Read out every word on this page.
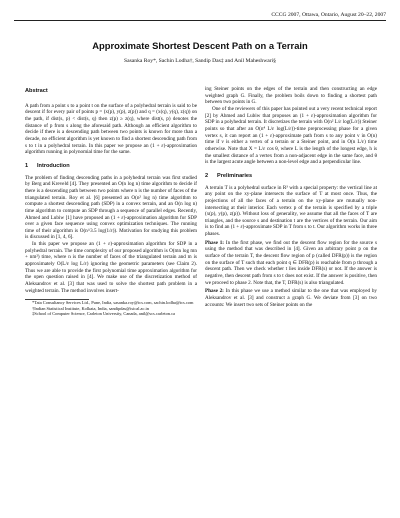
CCCG 2007, Ottawa, Ontario, August 20–22, 2007
Approximate Shortest Descent Path on a Terrain
Sasanka Roy*, Sachin Lodha†, Sandip Das‡ and Anil Maheshwari§
Abstract

A path from a point s to a point t on the surface of a polyhedral terrain is said to be descent if for every pair of points p = (x(p), y(p), z(p)) and q = (x(q), y(q), z(q)) on the path, if dist(s, p) < dist(s, q) then z(p) ≥ z(q), where dist(s, p) denotes the distance of p from s along the aforesaid path. Although an efficient algorithm to decide if there is a descending path between two points is known for more than a decade, no efficient algorithm is yet known to find a shortest descending path from s to t in a polyhedral terrain. In this paper we propose an (1 + ε)-approximation algorithm running in polynomial time for the same.

1 Introduction

The problem of finding descending paths in a polyhedral terrain was first studied by Berg and Kreveld [4]. They presented an O(n log n) time algorithm to decide if there is a descending path between two points where n is the number of faces of the triangulated terrain. Roy et al. [6] presented an O(n² log n) time algorithm to compute a shortest descending path (SDP) in a convex terrain, and an O(n log n) time algorithm to compute an SDP through a sequence of parallel edges. Recently, Ahmed and Lubiw [1] have proposed an (1 + ε)-approximation algorithm for SDP over a given face sequence using convex optimization techniques. The running time of their algorithm is O(n^3.5 log(1/ε)). Motivation for studying this problem is discussed in [1, 4, 6].

In this paper we propose an (1 + ε)-approximation algorithm for SDP in a polyhedral terrain. The time complexity of our proposed algorithm is O(mn log mn + nm²) time, where n is the number of faces of the triangulated terrain and m is approximately O(L/ε log L/ε) ignoring the geometric parameters (see Claim 2). Thus we are able to provide the first polynomial time approximation algorithm for the open question raised in [4]. We make use of the discretization method of Aleksandrov et al. [3] that was used to solve the shortest path problem in a weighted terrain. The method involves insert-

*Tata Consultancy Services Ltd., Pune, India, sasanka.roy@tcs.com, sachin.lodha@tcs.com

†Indian Statistical Institute, Kolkata, India, sandipdas@isical.ac.in

‡School of Computer Science, Carleton University, Canada, anil@scs.carleton.ca

ing Steiner points on the edges of the terrain and then constructing an edge weighted graph G. Finally, the problem boils down to finding a shortest path between two points in G.

One of the reviewers of this paper has pointed out a very recent technical report [2] by Ahmed and Lubiw that proposes an (1 + ε)-approximation algorithm for SDP in a polyhedral terrain. It discretizes the terrain with O(n² L/ε log(L/ε)) Steiner points so that after an O(n⁴ L/ε log(L/ε))-time preprocessing phase for a given vertex s, it can report an (1 + ε)-approximate path from s to any point v in O(n) time if v is either a vertex of a terrain or a Steiner point, and in O(n L/ε) time otherwise. Note that X = L/ε cos θ, where L is the length of the longest edge, h is the smallest distance of a vertex from a non-adjacent edge in the same face, and θ is the largest acute angle between a non-level edge and a perpendicular line.

2 Preliminaries

A terrain T is a polyhedral surface in R³ with a special property: the vertical line at any point on the xy-plane intersects the surface of T at most once. Thus, the projections of all the faces of a terrain on the xy-plane are mutually non-intersecting at their interior. Each vertex p of the terrain is specified by a triple (x(p), y(p), z(p)). Without loss of generality, we assume that all the faces of T are triangles, and the source s and destination t are the vertices of the terrain. Our aim is to find an (1 + ε)-approximate SDP in T from s to t. Our algorithm works in three phases.

Phase 1: In the first phase, we find out the descent flow region for the source s using the method that was described in [4]. Given an arbitrary point p on the surface of the terrain T, the descent flow region of p (called DFR(p)) is the region on the surface of T such that each point q ∈ DFR(p) is reachable from p through a descent path. Then we check whether t lies inside DFR(s) or not. If the answer is negative, then descent path from s to t does not exist. If the answer is positive, then we proceed to phase 2. Note that, the T, DFR(s) is also triangulated.

Phase 2: In this phase we use a method similar to the one that was employed by Aleksandrov et al. [3] and construct a graph G. We deviate from [3] on two accounts: We insert two sets of Steiner points on the
